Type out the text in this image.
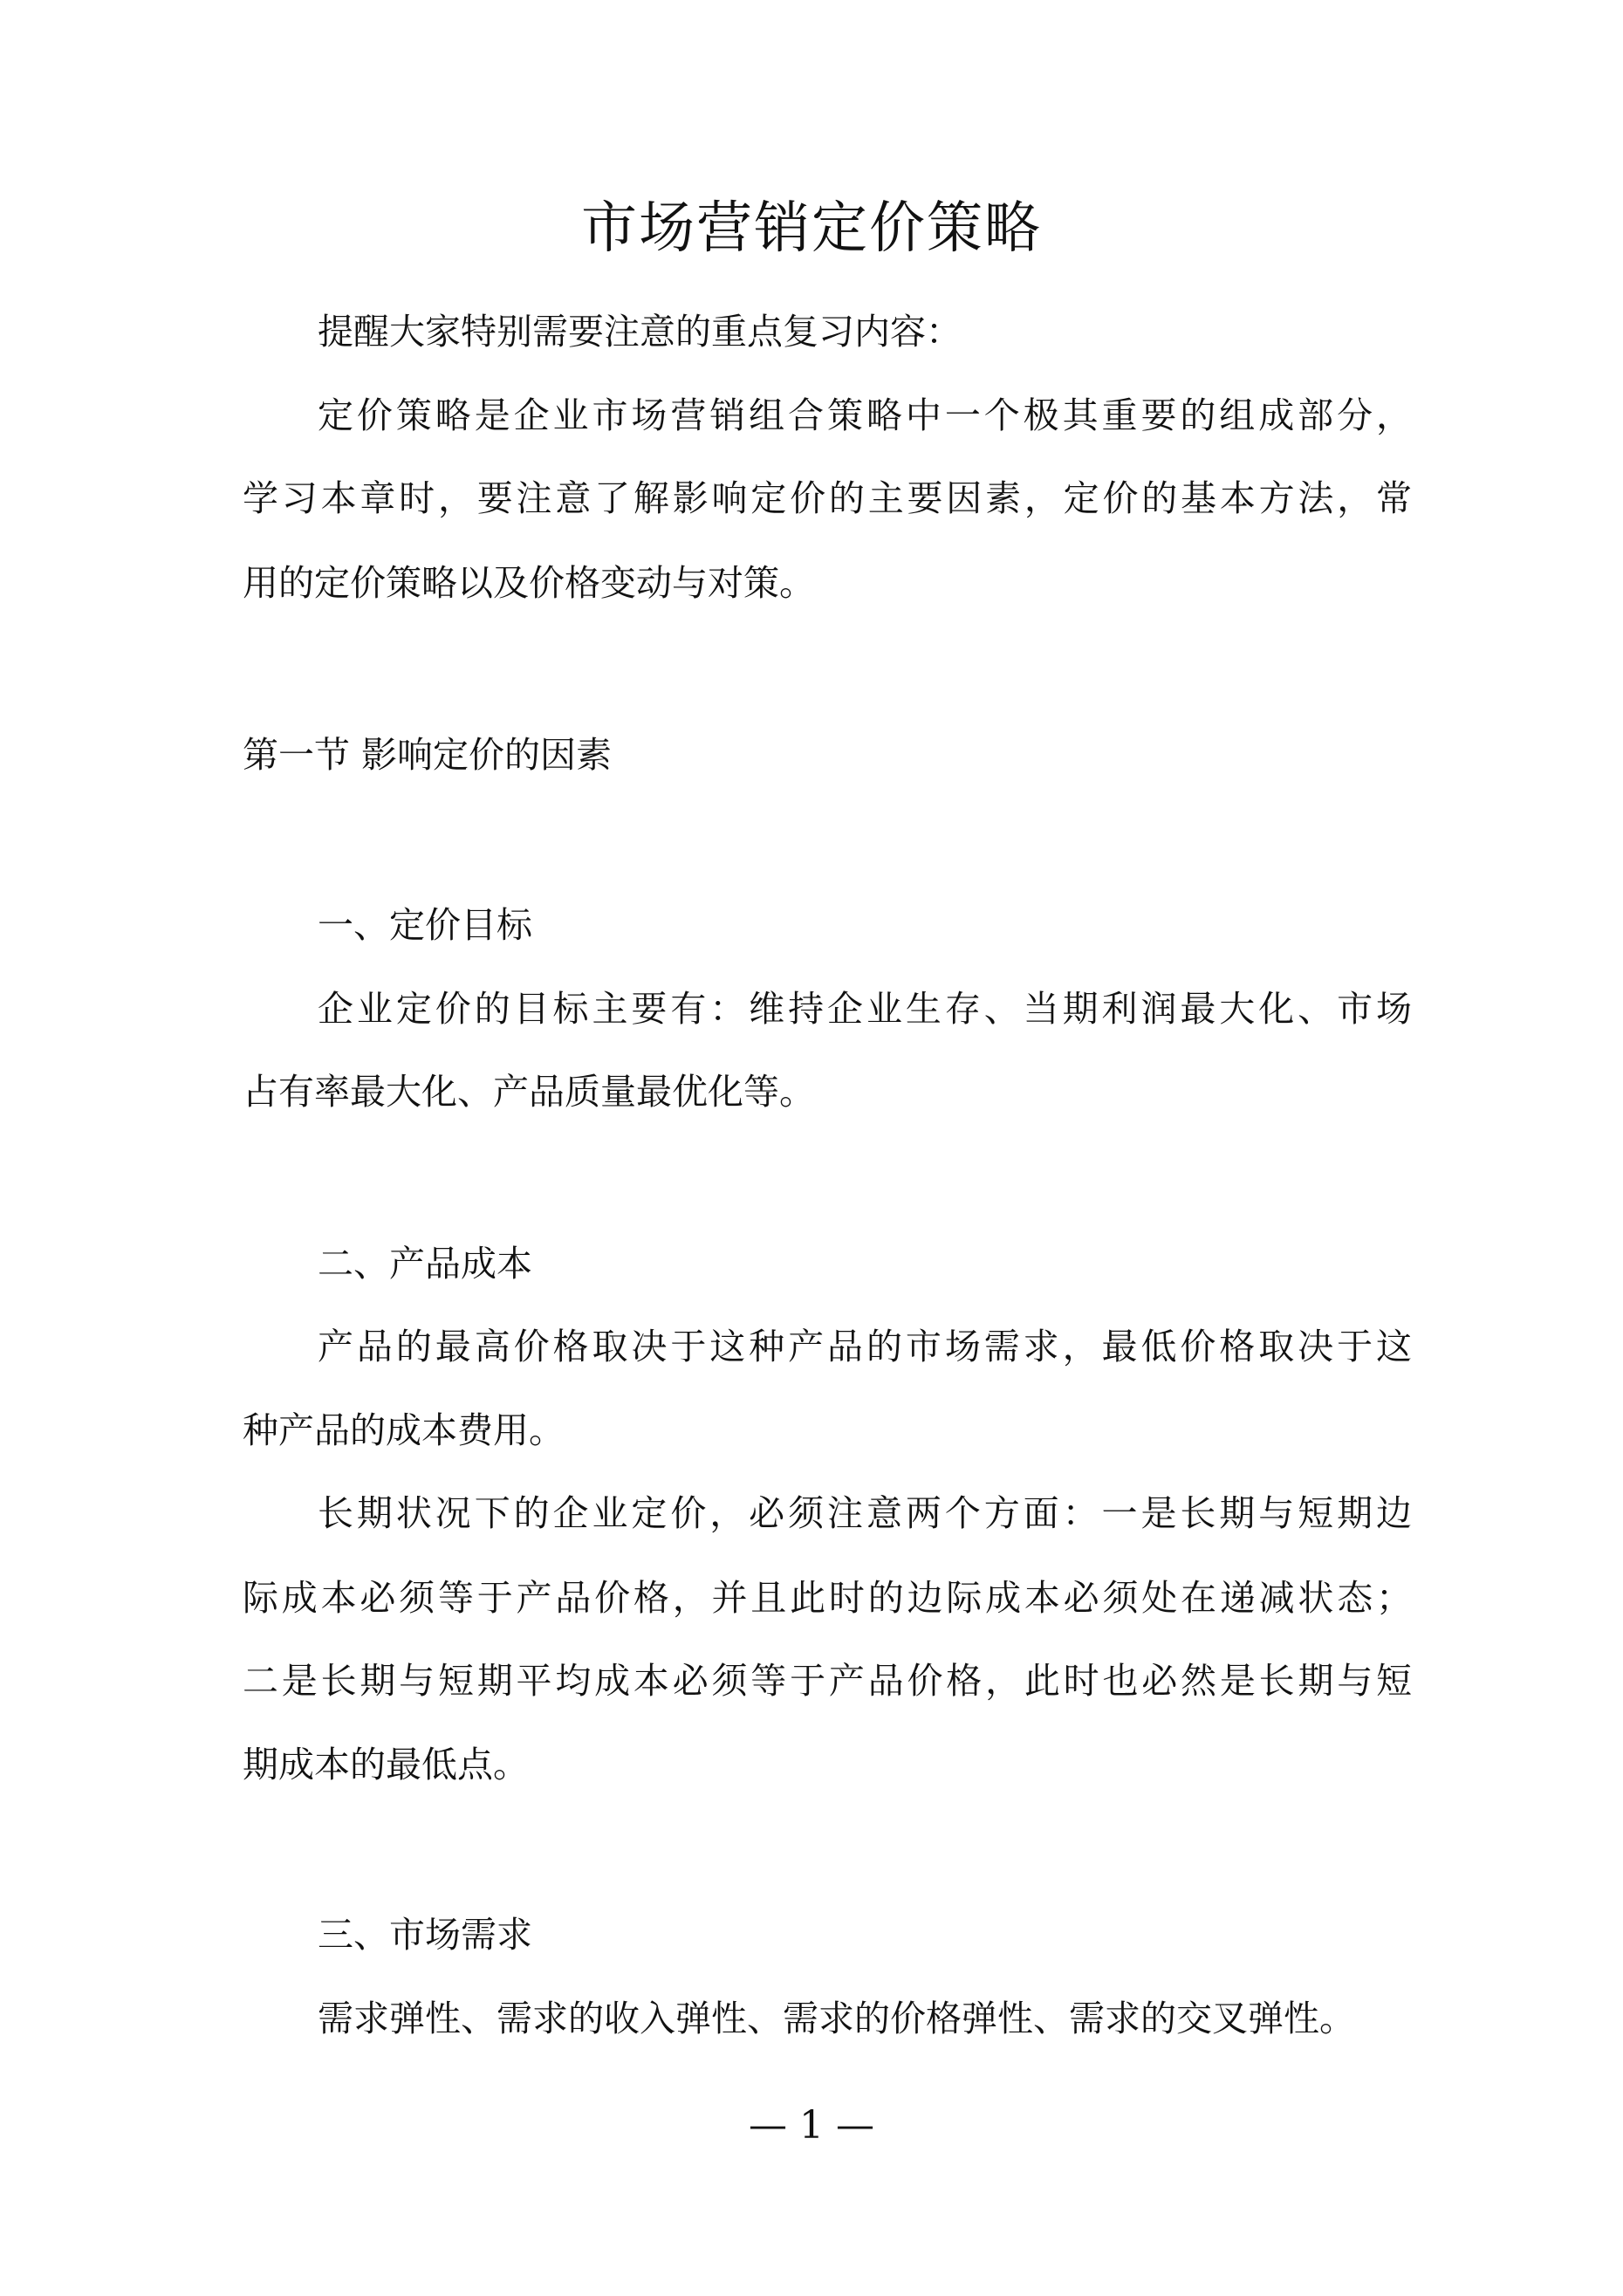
市场营销定价策略
提醒大家特别需要注意的重点复习内容：
定价策略是企业市场营销组合策略中一个极其重要的组成部分，
学习本章时，要注意了解影响定价的主要因素，定价的基本方法，常
用的定价策略以及价格变动与对策。
第一节 影响定价的因素
一、定价目标
企业定价的目标主要有：维持企业生存、当期利润最大化、市场
占有率最大化、产品质量最优化等。
二、产品成本
产品的最高价格取决于这种产品的市场需求，最低价格取决于这
种产品的成本费用。
长期状况下的企业定价，必须注意两个方面：一是长期与短期边
际成本必须等于产品价格，并且此时的边际成本必须处在递减状态；
二是长期与短期平均成本必须等于产品价格，此时也必然是长期与短
期成本的最低点。
三、市场需求
需求弹性、需求的收入弹性、需求的价格弹性、需求的交叉弹性。
— 1 —
